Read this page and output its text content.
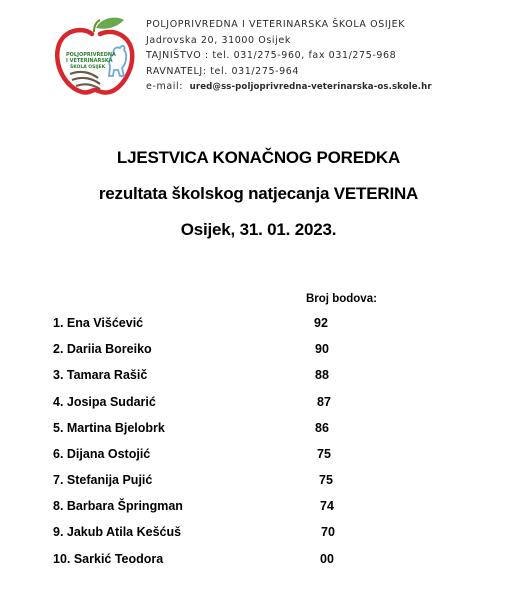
POLJOPRIVREDNA
I VETERINARSKA
ŠKOLA OSIJEK
POLJOPRIVREDNA I VETERINARSKA ŠKOLA OSIJEK
Jadrovska 20, 31000 Osijek
TAJNIŠTVO : tel. 031/275-960, fax 031/275-968
RAVNATELJ: tel. 031/275-964
e-mail: ured@ss-poljoprivredna-veterinarska-os.skole.hr
LJESTVICA KONAČNOG POREDKA
rezultata školskog natjecanja VETERINA
Osijek, 31. 01. 2023.
Broj bodova:
1. Ena Višćević	92
2. Dariia Boreiko	90
3. Tamara Rašič	88
4. Josipa Sudarić	87
5. Martina Bjelobrk	86
6. Dijana Ostojić	75
7. Stefanija Pujić	75
8. Barbara Špringman	74
9. Jakub Atila Kešćuš	70
10. Sarkić Teodora	00
